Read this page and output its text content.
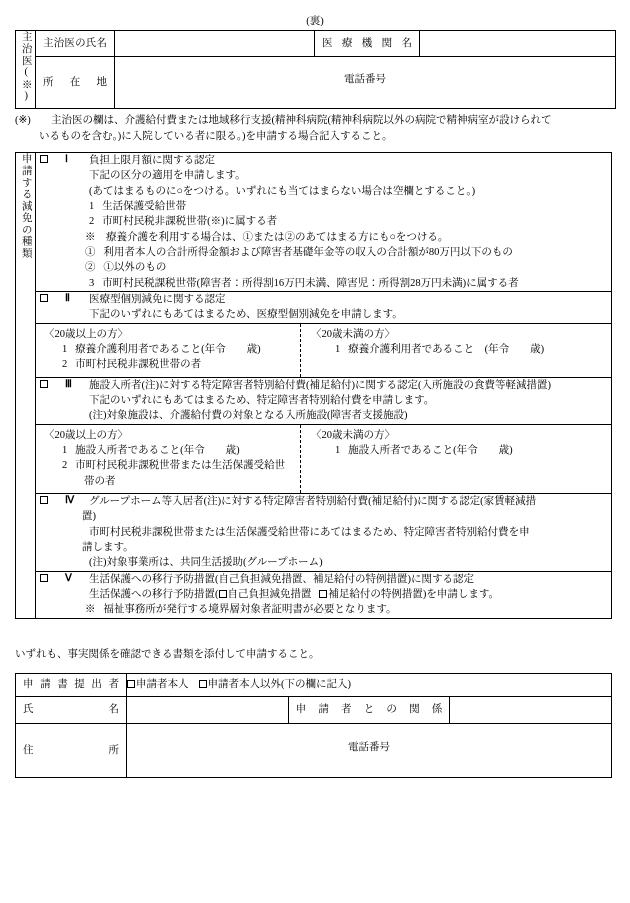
(裏)
主治医(※)	主治医の氏名		医療機関名	

	所　在　地	電話番号		
(※)	主治医の欄は、介護給付費または地域移行支援(精神科病院(精神科病院以外の病院で精神病室が設けられて
いるものを含む。)に入院している者に限る。)を申請する場合記入すること。
申請する減免の種類	Ⅰ 負担上限月額に関する認定
下記の区分の適用を申請します。
(あてはまるものに○をつける。いずれにも当てはまらない場合は空欄とすること。)
1 生活保護受給世帯
2 市町村民税非課税世帯(※)に属する者
※　療養介護を利用する場合は、①または②のあてはまる方にも○をつける。
① 利用者本人の合計所得金額および障害者基礎年金等の収入の合計額が80万円以下のもの
② ①以外のもの
3 市町村民税課税世帯(障害者：所得割16万円未満、障害児：所得割28万円未満)に属する者

Ⅱ 医療型個別減免に関する認定
下記のいずれにもあてはまるため、医療型個別減免を申請します。

〈20歳以上の方〉
1 療養介護利用者であること(年令　　歳)
2 市町村民税非課税世帯の者
〈20歳未満の方〉
1 療養介護利用者であること　(年令　　歳)

Ⅲ 施設入所者(注)に対する特定障害者特別給付費(補足給付)に関する認定(入所施設の食費等軽減措置)
下記のいずれにもあてはまるため、特定障害者特別給付費を申請します。
(注)対象施設は、介護給付費の対象となる入所施設(障害者支援施設)

〈20歳以上の方〉
1 施設入所者であること(年令　　歳)
2 市町村民税非課税世帯または生活保護受給世
帯の者
〈20歳未満の方〉
1 施設入所者であること(年令　　歳)

Ⅳ グループホーム等入居者(注)に対する特定障害者特別給付費(補足給付)に関する認定(家賃軽減措
置)
市町村民税非課税世帯または生活保護受給世帯にあてはまるため、特定障害者特別給付費を申
請します。
(注)対象事業所は、共同生活援助(グループホーム)

Ⅴ 生活保護への移行予防措置(自己負担減免措置、補足給付の特例措置)に関する認定
生活保護への移行予防措置( 自己負担減免措置 補足給付の特例措置)を申請します。
※ 福祉事務所が発行する境界層対象者証明書が必要となります。
いずれも、事実関係を確認できる書類を添付して申請すること。
申請書提出者	申請者本人 申請者本人以外(下の欄に記入)		

氏　　名		申請者との関係	

住　　所	電話番号		
